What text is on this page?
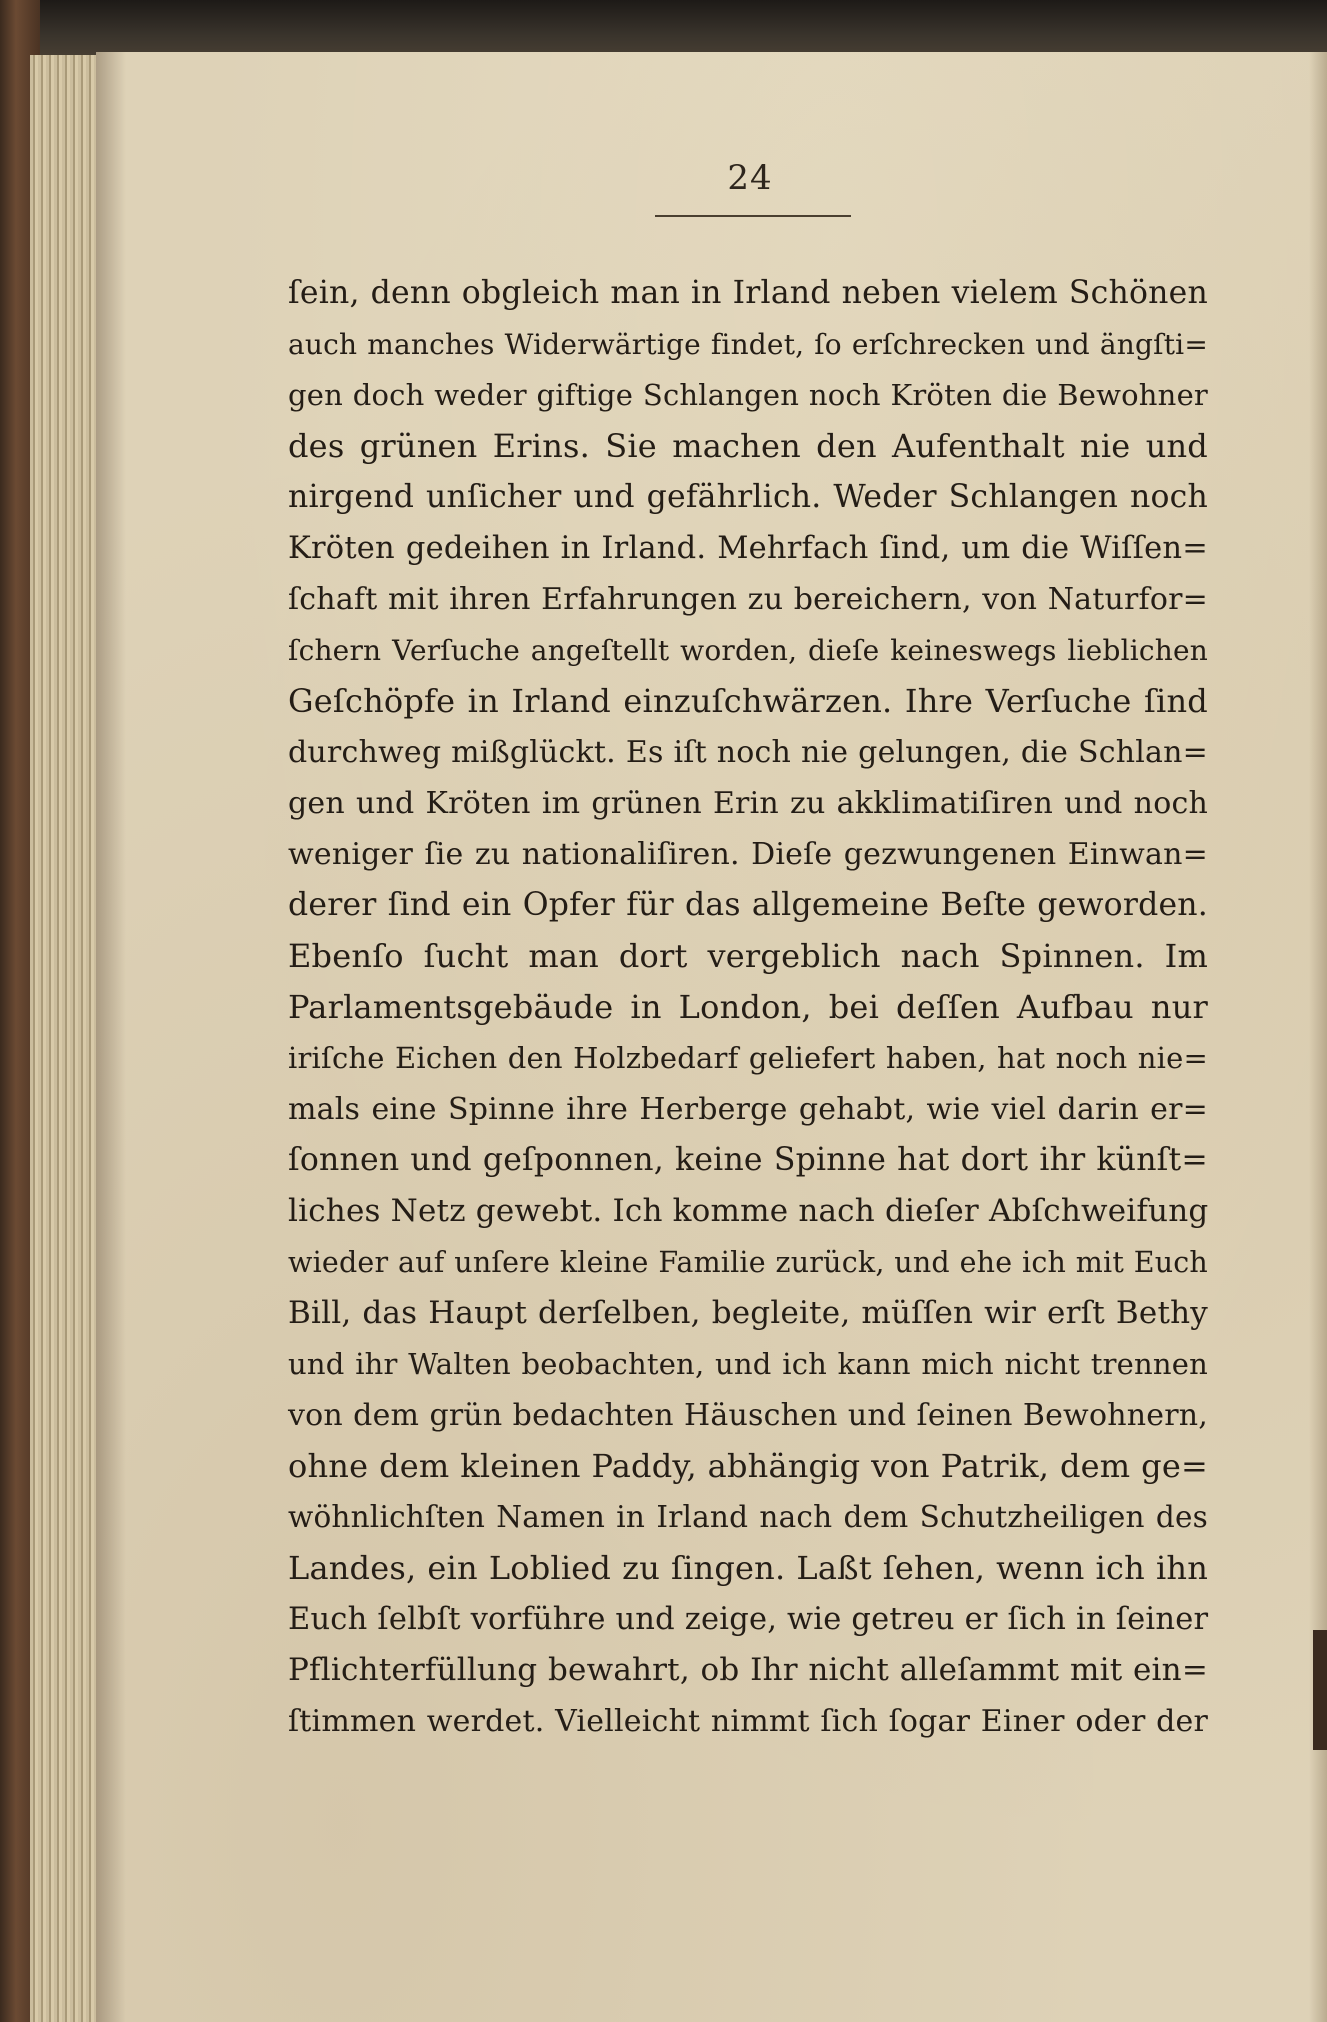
24
ſein, denn obgleich man in Irland neben vielem Schönen
auch manches Widerwärtige findet, ſo erſchrecken und ängſti=
gen doch weder giftige Schlangen noch Kröten die Bewohner
des grünen Erins. Sie machen den Aufenthalt nie und
nirgend unſicher und gefährlich. Weder Schlangen noch
Kröten gedeihen in Irland. Mehrfach ſind, um die Wiſſen=
ſchaft mit ihren Erfahrungen zu bereichern, von Naturfor=
ſchern Verſuche angeſtellt worden, dieſe keineswegs lieblichen
Geſchöpfe in Irland einzuſchwärzen. Ihre Verſuche ſind
durchweg mißglückt. Es iſt noch nie gelungen, die Schlan=
gen und Kröten im grünen Erin zu akklimatiſiren und noch
weniger ſie zu nationaliſiren. Dieſe gezwungenen Einwan=
derer ſind ein Opfer für das allgemeine Beſte geworden.
Ebenſo ſucht man dort vergeblich nach Spinnen. Im
Parlamentsgebäude in London, bei deſſen Aufbau nur
iriſche Eichen den Holzbedarf geliefert haben, hat noch nie=
mals eine Spinne ihre Herberge gehabt, wie viel darin er=
ſonnen und geſponnen, keine Spinne hat dort ihr künſt=
liches Netz gewebt. Ich komme nach dieſer Abſchweifung
wieder auf unſere kleine Familie zurück, und ehe ich mit Euch
Bill, das Haupt derſelben, begleite, müſſen wir erſt Bethy
und ihr Walten beobachten, und ich kann mich nicht trennen
von dem grün bedachten Häuschen und ſeinen Bewohnern,
ohne dem kleinen Paddy, abhängig von Patrik, dem ge=
wöhnlichſten Namen in Irland nach dem Schutzheiligen des
Landes, ein Loblied zu ſingen. Laßt ſehen, wenn ich ihn
Euch ſelbſt vorführe und zeige, wie getreu er ſich in ſeiner
Pflichterfüllung bewahrt, ob Ihr nicht alleſammt mit ein=
ſtimmen werdet. Vielleicht nimmt ſich ſogar Einer oder der
